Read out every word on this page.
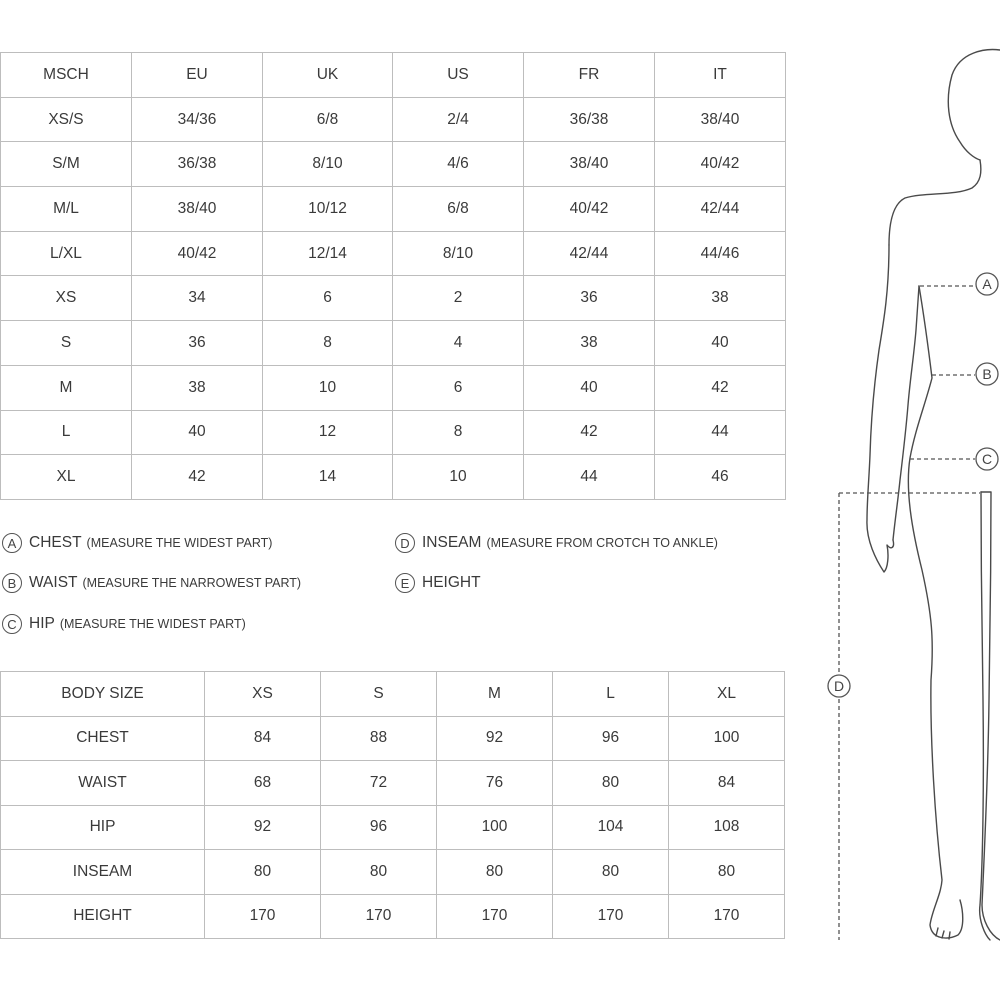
MSCH	EU	UK	US	FR	IT
XS/S	34/36	6/8	2/4	36/38	38/40
S/M	36/38	8/10	4/6	38/40	40/42
M/L	38/40	10/12	6/8	40/42	42/44
L/XL	40/42	12/14	8/10	42/44	44/46
XS	34	6	2	36	38
S	36	8	4	38	40
M	38	10	6	40	42
L	40	12	8	42	44
XL	42	14	10	44	46
A CHEST (MEASURE THE WIDEST PART)
B WAIST (MEASURE THE NARROWEST PART)
C HIP (MEASURE THE WIDEST PART)
D INSEAM (MEASURE FROM CROTCH TO ANKLE)
E HEIGHT
BODY SIZE	XS	S	M	L	XL
CHEST	84	88	92	96	100
WAIST	68	72	76	80	84
HIP	92	96	100	104	108
INSEAM	80	80	80	80	80
HEIGHT	170	170	170	170	170
A
B
C
D
